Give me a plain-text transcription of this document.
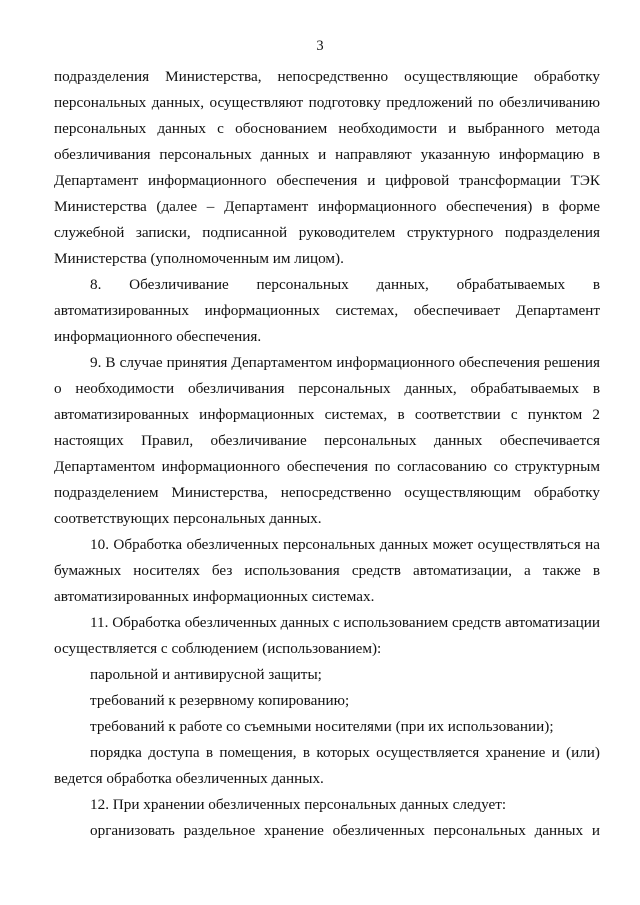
3
подразделения Министерства, непосредственно осуществляющие обработку
персональных данных, осуществляют подготовку предложений по обезличиванию
персональных данных с обоснованием необходимости и выбранного метода
обезличивания персональных данных и направляют указанную информацию в
Департамент информационного обеспечения и цифровой трансформации ТЭК
Министерства (далее – Департамент информационного обеспечения) в форме
служебной записки, подписанной руководителем структурного подразделения
Министерства (уполномоченным им лицом).
8. Обезличивание персональных данных, обрабатываемых в
автоматизированных информационных системах, обеспечивает Департамент
информационного обеспечения.
9. В случае принятия Департаментом информационного обеспечения решения
о необходимости обезличивания персональных данных, обрабатываемых в
автоматизированных информационных системах, в соответствии с пунктом 2
настоящих Правил, обезличивание персональных данных обеспечивается
Департаментом информационного обеспечения по согласованию со структурным
подразделением Министерства, непосредственно осуществляющим обработку
соответствующих персональных данных.
10. Обработка обезличенных персональных данных может осуществляться на
бумажных носителях без использования средств автоматизации, а также в
автоматизированных информационных системах.
11. Обработка обезличенных данных с использованием средств автоматизации
осуществляется с соблюдением (использованием):
парольной и антивирусной защиты;
требований к резервному копированию;
требований к работе со съемными носителями (при их использовании);
порядка доступа в помещения, в которых осуществляется хранение и (или)
ведется обработка обезличенных данных.
12. При хранении обезличенных персональных данных следует:
организовать раздельное хранение обезличенных персональных данных и
